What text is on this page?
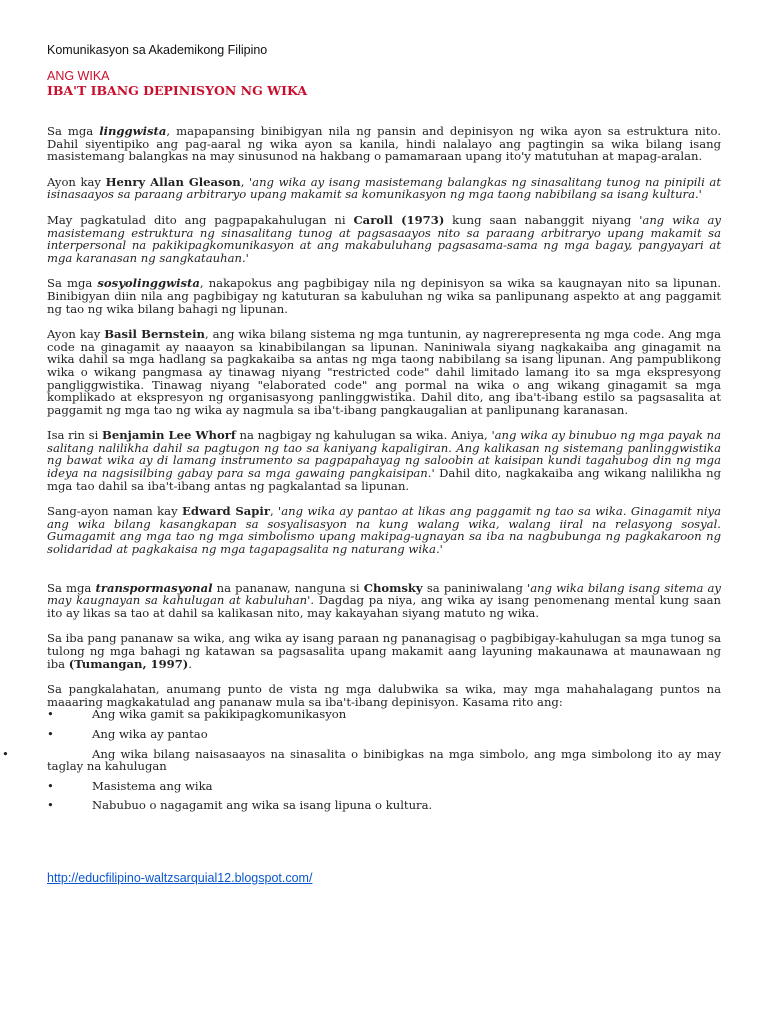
Komunikasyon sa Akademikong Filipino
ANG WIKA
IBA'T IBANG DEPINISYON NG WIKA

Sa mga linggwista, mapapansing binibigyan nila ng pansin and depinisyon ng wika ayon sa estruktura nito. Dahil siyentipiko ang pag-aaral ng wika ayon sa kanila, hindi nalalayo ang pagtingin sa wika bilang isang masistemang balangkas na may sinusunod na hakbang o pamamaraan upang ito'y matutuhan at mapag-aralan.

Ayon kay Henry Allan Gleason, 'ang wika ay isang masistemang balangkas ng sinasalitang tunog na pinipili at isinasaayos sa paraang arbitraryo upang makamit sa komunikasyon ng mga taong nabibilang sa isang kultura.'

May pagkatulad dito ang pagpapakahulugan ni Caroll (1973) kung saan nabanggit niyang 'ang wika ay masistemang estruktura ng sinasalitang tunog at pagsasaayos nito sa paraang arbitraryo upang makamit sa interpersonal na pakikipagkomunikasyon at ang makabuluhang pagsasama-sama ng mga bagay, pangyayari at mga karanasan ng sangkatauhan.'

Sa mga sosyolinggwista, nakapokus ang pagbibigay nila ng depinisyon sa wika sa kaugnayan nito sa lipunan. Binibigyan diin nila ang pagbibigay ng katuturan sa kabuluhan ng wika sa panlipunang aspekto at ang paggamit ng tao ng wika bilang bahagi ng lipunan.

Ayon kay Basil Bernstein, ang wika bilang sistema ng mga tuntunin, ay nagrerepresenta ng mga code. Ang mga code na ginagamit ay naaayon sa kinabibilangan sa lipunan. Naniniwala siyang nagkakaiba ang ginagamit na wika dahil sa mga hadlang sa pagkakaiba sa antas ng mga taong nabibilang sa isang lipunan. Ang pampublikong wika o wikang pangmasa ay tinawag niyang "restricted code" dahil limitado lamang ito sa mga ekspresyong pangliggwistika. Tinawag niyang "elaborated code" ang pormal na wika o ang wikang ginagamit sa mga komplikado at ekspresyon ng organisasyong panlinggwistika. Dahil dito, ang iba't-ibang estilo sa pagsasalita at paggamit ng mga tao ng wika ay nagmula sa iba't-ibang pangkaugalian at panlipunang karanasan.

Isa rin si Benjamin Lee Whorf na nagbigay ng kahulugan sa wika. Aniya, 'ang wika ay binubuo ng mga payak na salitang nalilikha dahil sa pagtugon ng tao sa kaniyang kapaligiran. Ang kalikasan ng sistemang panlinggwistika ng bawat wika ay di lamang instrumento sa pagpapahayag ng saloobin at kaisipan kundi tagahubog din ng mga ideya na nagsisilbing gabay para sa mga gawaing pangkaisipan.' Dahil dito, nagkakaiba ang wikang nalilikha ng mga tao dahil sa iba't-ibang antas ng pagkalantad sa lipunan.

Sang-ayon naman kay Edward Sapir, 'ang wika ay pantao at likas ang paggamit ng tao sa wika. Ginagamit niya ang wika bilang kasangkapan sa sosyalisasyon na kung walang wika, walang iiral na relasyong sosyal. Gumagamit ang mga tao ng mga simbolismo upang makipag-ugnayan sa iba na nagbubunga ng pagkakaroon ng solidaridad at pagkakaisa ng mga tagapagsalita ng naturang wika.'

Sa mga transpormasyonal na pananaw, nanguna si Chomsky sa paniniwalang 'ang wika bilang isang sitema ay may kaugnayan sa kahulugan at kabuluhan'. Dagdag pa niya, ang wika ay isang penomenang mental kung saan ito ay likas sa tao at dahil sa kalikasan nito, may kakayahan siyang matuto ng wika.

Sa iba pang pananaw sa wika, ang wika ay isang paraan ng pananagisag o pagbibigay-kahulugan sa mga tunog sa tulong ng mga bahagi ng katawan sa pagsasalita upang makamit aang layuning makaunawa at maunawaan ng iba (Tumangan, 1997).

Sa pangkalahatan, anumang punto de vista ng mga dalubwika sa wika, may mga mahahalagang puntos na maaaring magkakatulad ang pananaw mula sa iba't-ibang depinisyon. Kasama rito ang:

•	Ang wika gamit sa pakikipagkomunikasyon
•	Ang wika ay pantao
•	Ang wika bilang naisasaayos na sinasalita o binibigkas na mga simbolo, ang mga simbolong ito ay may taglay na kahulugan
•	Masistema ang wika
•	Nabubuo o nagagamit ang wika sa isang lipuna o kultura.
http://educfilipino-waltzsarquial12.blogspot.com/
